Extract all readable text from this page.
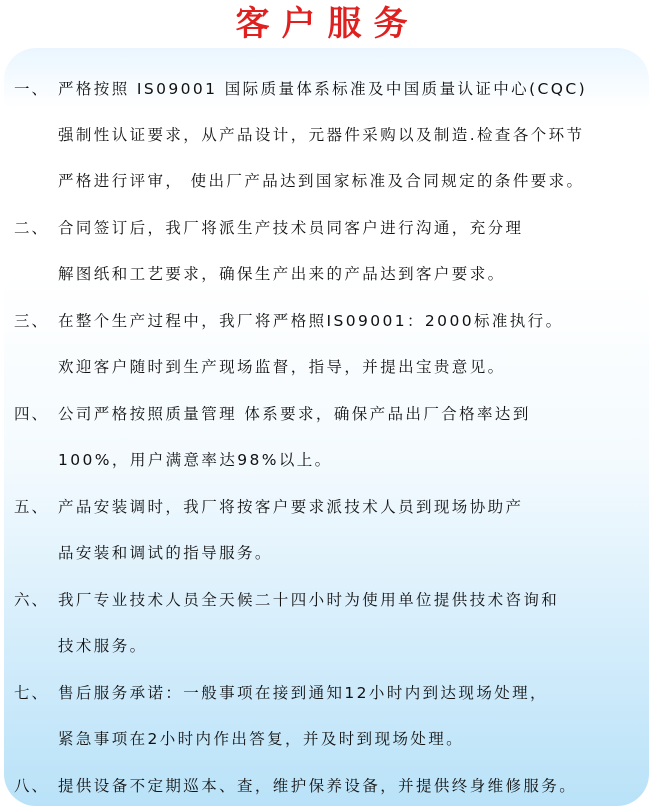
客户服务
一、 严格按照 IS09001 国际质量体系标准及中国质量认证中心(CQC)
强制性认证要求，从产品设计，元器件采购以及制造.检查各个环节
严格进行评审， 使出厂产品达到国家标准及合同规定的条件要求。
二、 合同签订后，我厂将派生产技术员同客户进行沟通，充分理
解图纸和工艺要求，确保生产出来的产品达到客户要求。
三、 在整个生产过程中，我厂将严格照IS09001：2000标准执行。
欢迎客户随时到生产现场监督，指导，并提出宝贵意见。
四、 公司严格按照质量管理 体系要求，确保产品出厂合格率达到
100%，用户满意率达98%以上。
五、 产品安装调时，我厂将按客户要求派技术人员到现场协助产
品安装和调试的指导服务。
六、 我厂专业技术人员全天候二十四小时为使用单位提供技术咨询和
技术服务。
七、 售后服务承诺：一般事项在接到通知12小时内到达现场处理，
紧急事项在2小时内作出答复，并及时到现场处理。
八、 提供设备不定期巡本、查，维护保养设备，并提供终身维修服务。
